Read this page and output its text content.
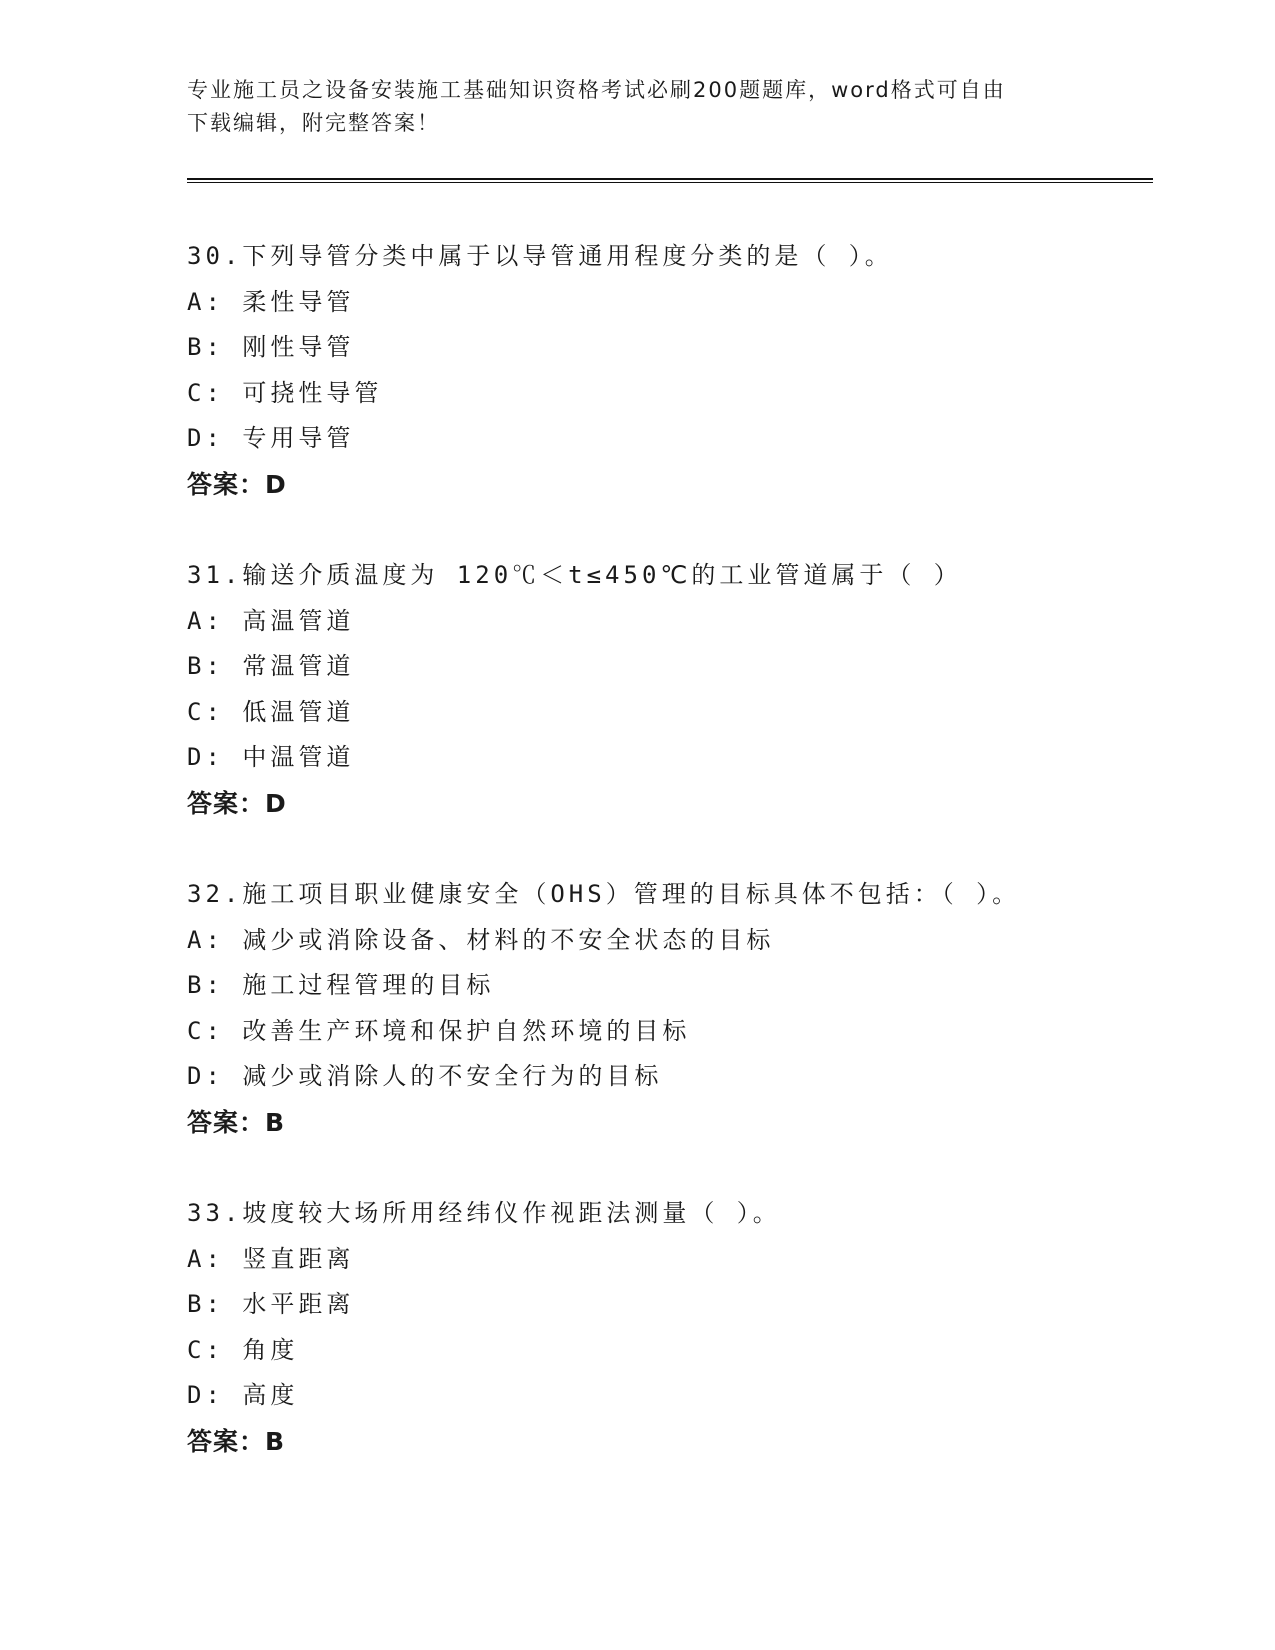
专业施工员之设备安装施工基础知识资格考试必刷200题题库，word格式可自由
下载编辑，附完整答案！
30.下列导管分类中属于以导管通用程度分类的是（ ）。
A: 柔性导管
B: 刚性导管
C: 可挠性导管
D: 专用导管
答案：D
31.输送介质温度为 120℃＜t≤450℃的工业管道属于（ ）
A: 高温管道
B: 常温管道
C: 低温管道
D: 中温管道
答案：D
32.施工项目职业健康安全（OHS）管理的目标具体不包括：（ ）。
A: 减少或消除设备、材料的不安全状态的目标
B: 施工过程管理的目标
C: 改善生产环境和保护自然环境的目标
D: 减少或消除人的不安全行为的目标
答案：B
33.坡度较大场所用经纬仪作视距法测量（ ）。
A: 竖直距离
B: 水平距离
C: 角度
D: 高度
答案：B
